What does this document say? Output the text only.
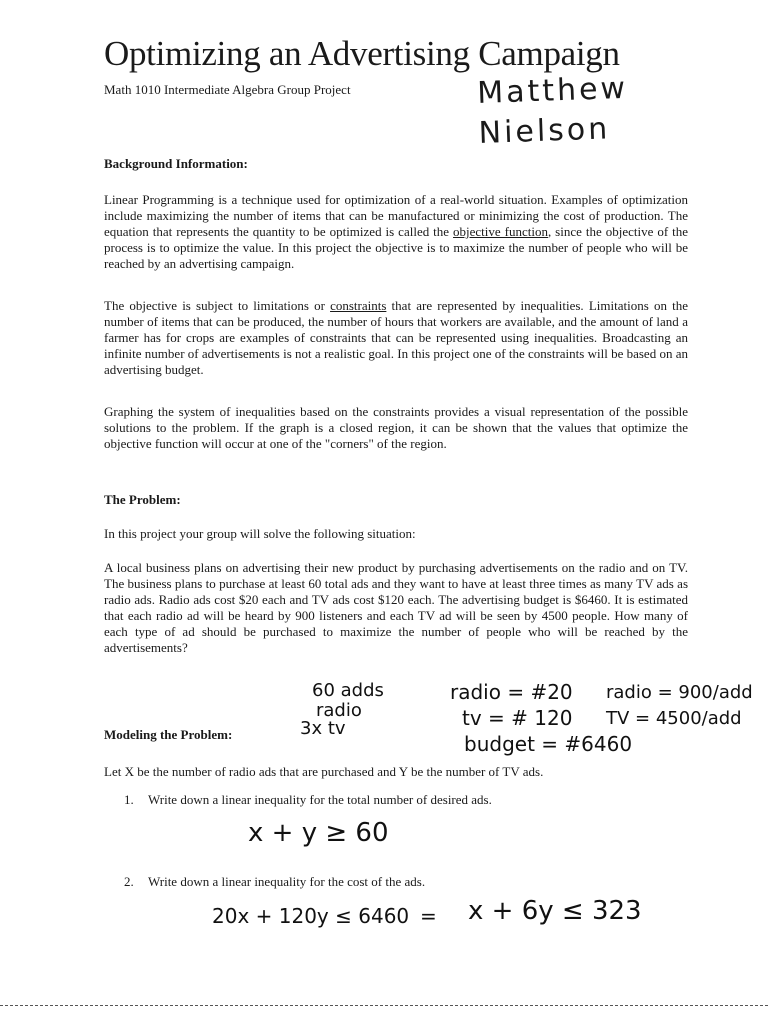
Optimizing an Advertising Campaign
Math 1010 Intermediate Algebra Group Project	Matthew Nielson
Background Information:

Linear Programming is a technique used for optimization of a real-world situation. Examples of optimization include maximizing the number of items that can be manufactured or minimizing the cost of production. The equation that represents the quantity to be optimized is called the objective function, since the objective of the process is to optimize the value. In this project the objective is to maximize the number of people who will be reached by an advertising campaign.

The objective is subject to limitations or constraints that are represented by inequalities. Limitations on the number of items that can be produced, the number of hours that workers are available, and the amount of land a farmer has for crops are examples of constraints that can be represented using inequalities. Broadcasting an infinite number of advertisements is not a realistic goal. In this project one of the constraints will be based on an advertising budget.

Graphing the system of inequalities based on the constraints provides a visual representation of the possible solutions to the problem. If the graph is a closed region, it can be shown that the values that optimize the objective function will occur at one of the "corners" of the region.

The Problem:

In this project your group will solve the following situation:

A local business plans on advertising their new product by purchasing advertisements on the radio and on TV. The business plans to purchase at least 60 total ads and they want to have at least three times as many TV ads as radio ads. Radio ads cost $20 each and TV ads cost $120 each. The advertising budget is $6460. It is estimated that each radio ad will be heard by 900 listeners and each TV ad will be seen by 4500 people. How many of each type of ad should be purchased to maximize the number of people who will be reached by the advertisements?

60 adds
radio
3x tv
radio = #20
tv = # 120
budget = #6460
radio = 900/add
TV = 4500/add
Modeling the Problem:

Let X be the number of radio ads that are purchased and Y be the number of TV ads.

1. Write down a linear inequality for the total number of desired ads.
x + y ≥ 60
2. Write down a linear inequality for the cost of the ads.
20x + 120y ≤ 6460 = x + 6y ≤ 323
